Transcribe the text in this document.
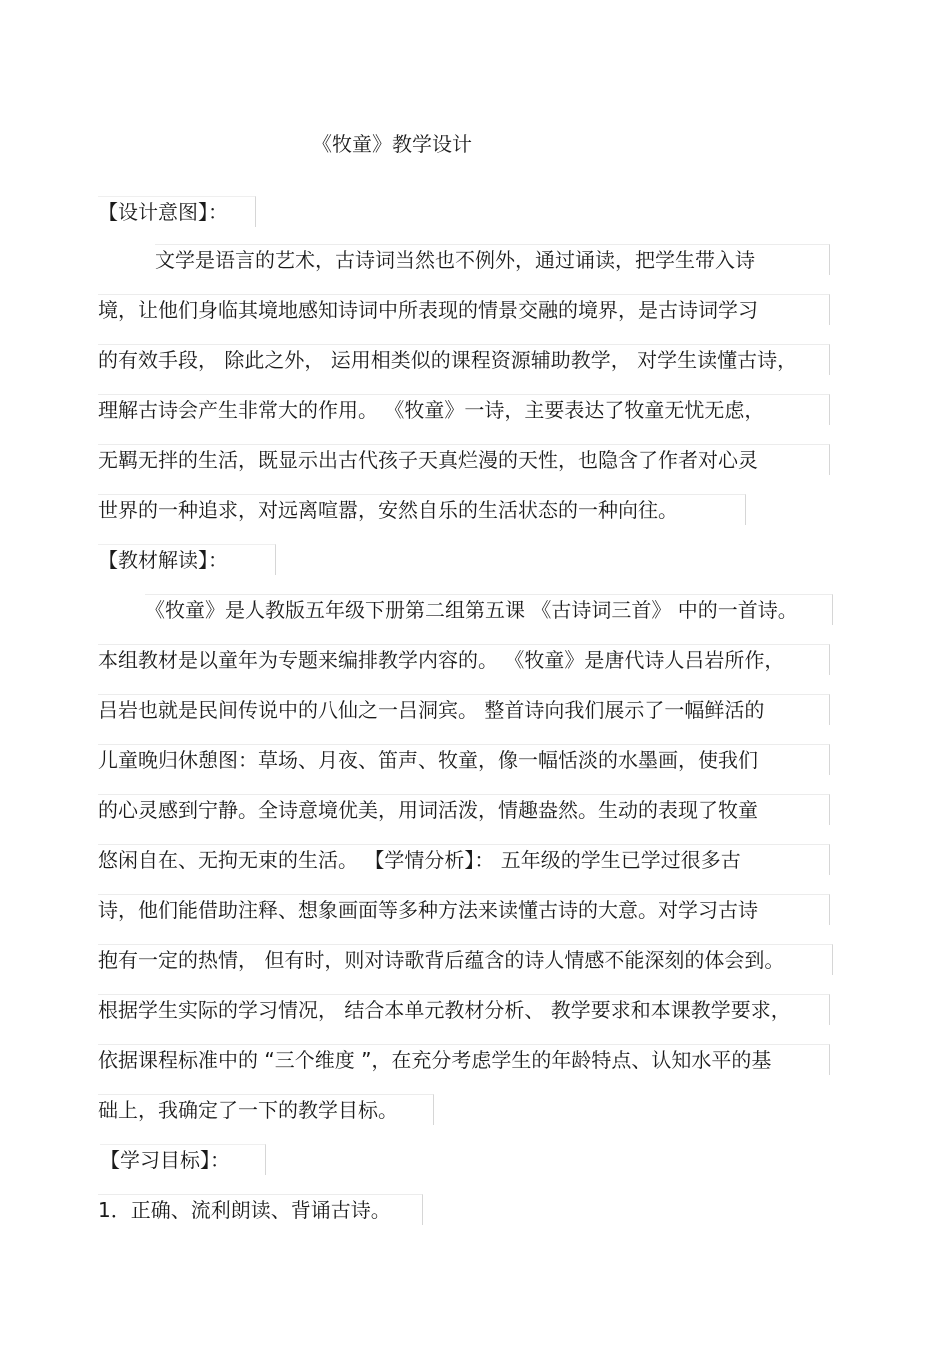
《牧童》教学设计
【设计意图】：
文学是语言的艺术，古诗词当然也不例外，通过诵读，把学生带入诗
境，让他们身临其境地感知诗词中所表现的情景交融的境界，是古诗词学习
的有效手段， 除此之外， 运用相类似的课程资源辅助教学， 对学生读懂古诗，
理解古诗会产生非常大的作用。 《牧童》一诗，主要表达了牧童无忧无虑，
无羁无拌的生活，既显示出古代孩子天真烂漫的天性，也隐含了作者对心灵
世界的一种追求，对远离喧嚣，安然自乐的生活状态的一种向往。
【教材解读】：
《牧童》是人教版五年级下册第二组第五课 《古诗词三首》 中的一首诗。
本组教材是以童年为专题来编排教学内容的。 《牧童》是唐代诗人吕岩所作，
吕岩也就是民间传说中的八仙之一吕洞宾。 整首诗向我们展示了一幅鲜活的
儿童晚归休憩图：草场、月夜、笛声、牧童，像一幅恬淡的水墨画，使我们
的心灵感到宁静。全诗意境优美，用词活泼，情趣盎然。生动的表现了牧童
悠闲自在、无拘无束的生活。 【学情分析】： 五年级的学生已学过很多古
诗，他们能借助注释、想象画面等多种方法来读懂古诗的大意。对学习古诗
抱有一定的热情， 但有时，则对诗歌背后蕴含的诗人情感不能深刻的体会到。
根据学生实际的学习情况， 结合本单元教材分析、 教学要求和本课教学要求，
依据课程标准中的 “三个维度 ”，在充分考虑学生的年龄特点、认知水平的基
础上，我确定了一下的教学目标。
【学习目标】：
1．正确、流利朗读、背诵古诗。
